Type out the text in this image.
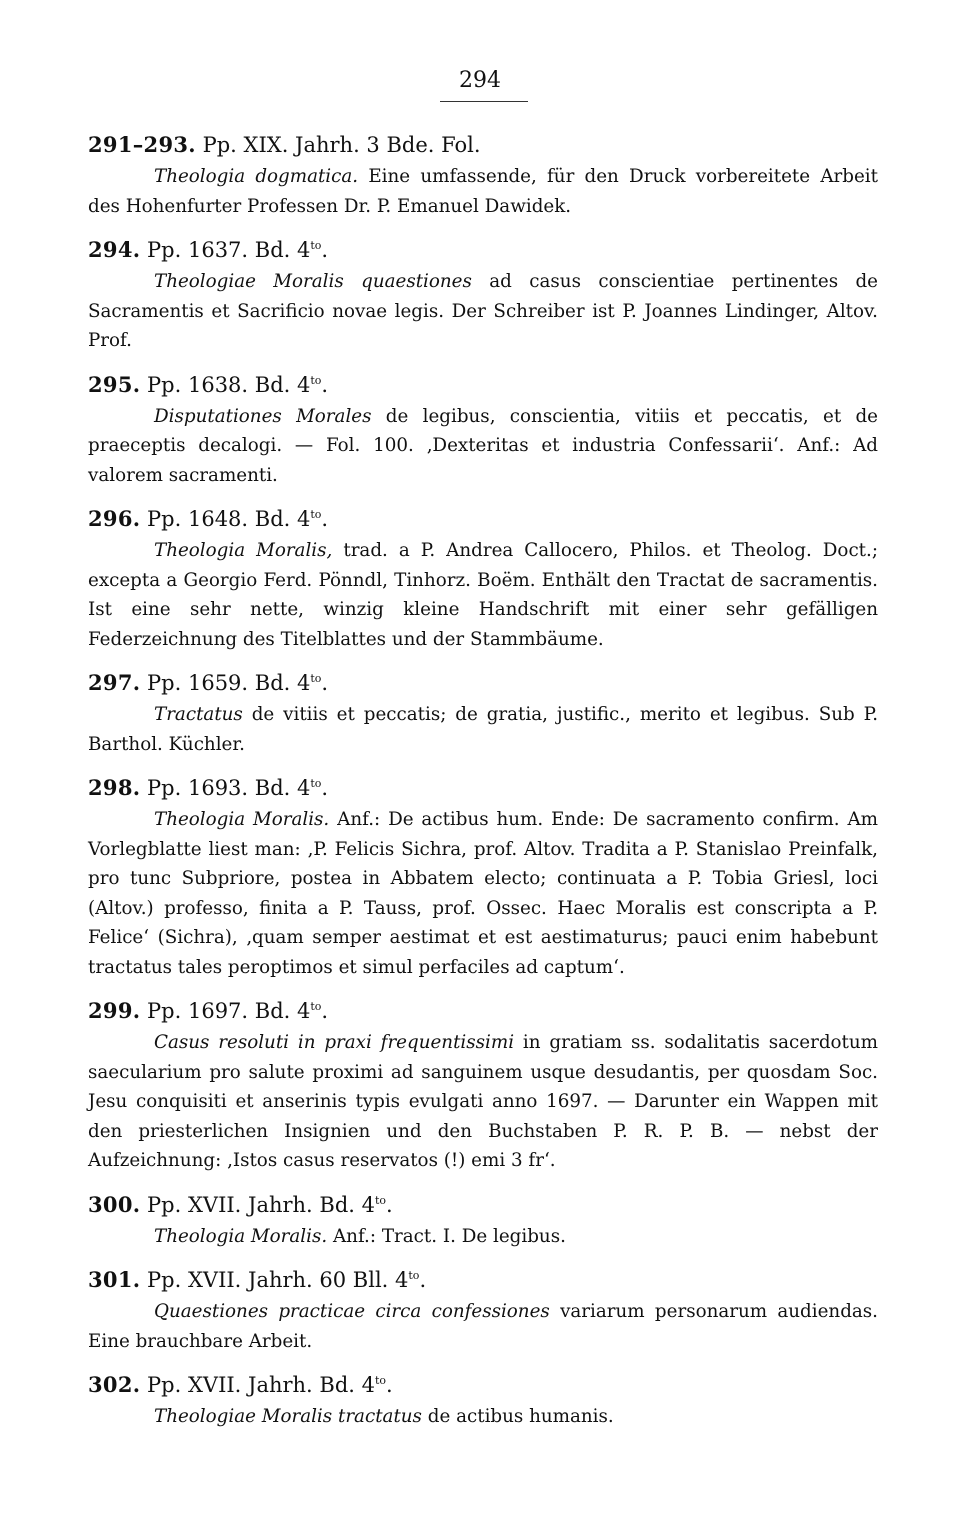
294
291–293. Pp. XIX. Jahrh. 3 Bde. Fol.
Theologia dogmatica. Eine umfassende, für den Druck vorbereitete Arbeit des Hohenfurter Professen Dr. P. Emanuel Dawidek.
294. Pp. 1637. Bd. $4^{to}$.
Theologiae Moralis quaestiones ad casus conscientiae pertinentes de Sacramentis et Sacrificio novae legis. Der Schreiber ist P. Joannes Lindinger, Altov. Prof.
295. Pp. 1638. Bd. $4^{to}$.
Disputationes Morales de legibus, conscientia, vitiis et peccatis, et de praeceptis decalogi. — Fol. 100. ‚Dexteritas et industria Confessarii‘. Anf.: Ad valorem sacramenti.
296. Pp. 1648. Bd. $4^{to}$.
Theologia Moralis, trad. a P. Andrea Callocero, Philos. et Theolog. Doct.; excepta a Georgio Ferd. Pönndl, Tinhorz. Boëm. Enthält den Tractat de sacramentis. Ist eine sehr nette, winzig kleine Handschrift mit einer sehr gefälligen Federzeichnung des Titelblattes und der Stammbäume.
297. Pp. 1659. Bd. $4^{to}$.
Tractatus de vitiis et peccatis; de gratia, justific., merito et legibus. Sub P. Barthol. Küchler.
298. Pp. 1693. Bd. $4^{to}$.
Theologia Moralis. Anf.: De actibus hum. Ende: De sacramento confirm. Am Vorlegblatte liest man: ‚P. Felicis Sichra, prof. Altov. Tradita a P. Stanislao Preinfalk, pro tunc Subpriore, postea in Abbatem electo; continuata a P. Tobia Griesl, loci (Altov.) professo, finita a P. Tauss, prof. Ossec. Haec Moralis est conscripta a P. Felice‘ (Sichra), ‚quam semper aestimat et est aestimaturus; pauci enim habebunt tractatus tales peroptimos et simul perfaciles ad captum‘.
299. Pp. 1697. Bd. $4^{to}$.
Casus resoluti in praxi frequentissimi in gratiam ss. sodalitatis sacerdotum saecularium pro salute proximi ad sanguinem usque desudantis, per quosdam Soc. Jesu conquisiti et anserinis typis evulgati anno 1697. — Darunter ein Wappen mit den priesterlichen Insignien und den Buchstaben P. R. P. B. — nebst der Aufzeichnung: ‚Istos casus reservatos (!) emi 3 fr‘.
300. Pp. XVII. Jahrh. Bd. $4^{to}$.
Theologia Moralis. Anf.: Tract. I. De legibus.
301. Pp. XVII. Jahrh. 60 Bll. $4^{to}$.
Quaestiones practicae circa confessiones variarum personarum audiendas. Eine brauchbare Arbeit.
302. Pp. XVII. Jahrh. Bd. $4^{to}$.
Theologiae Moralis tractatus de actibus humanis.
